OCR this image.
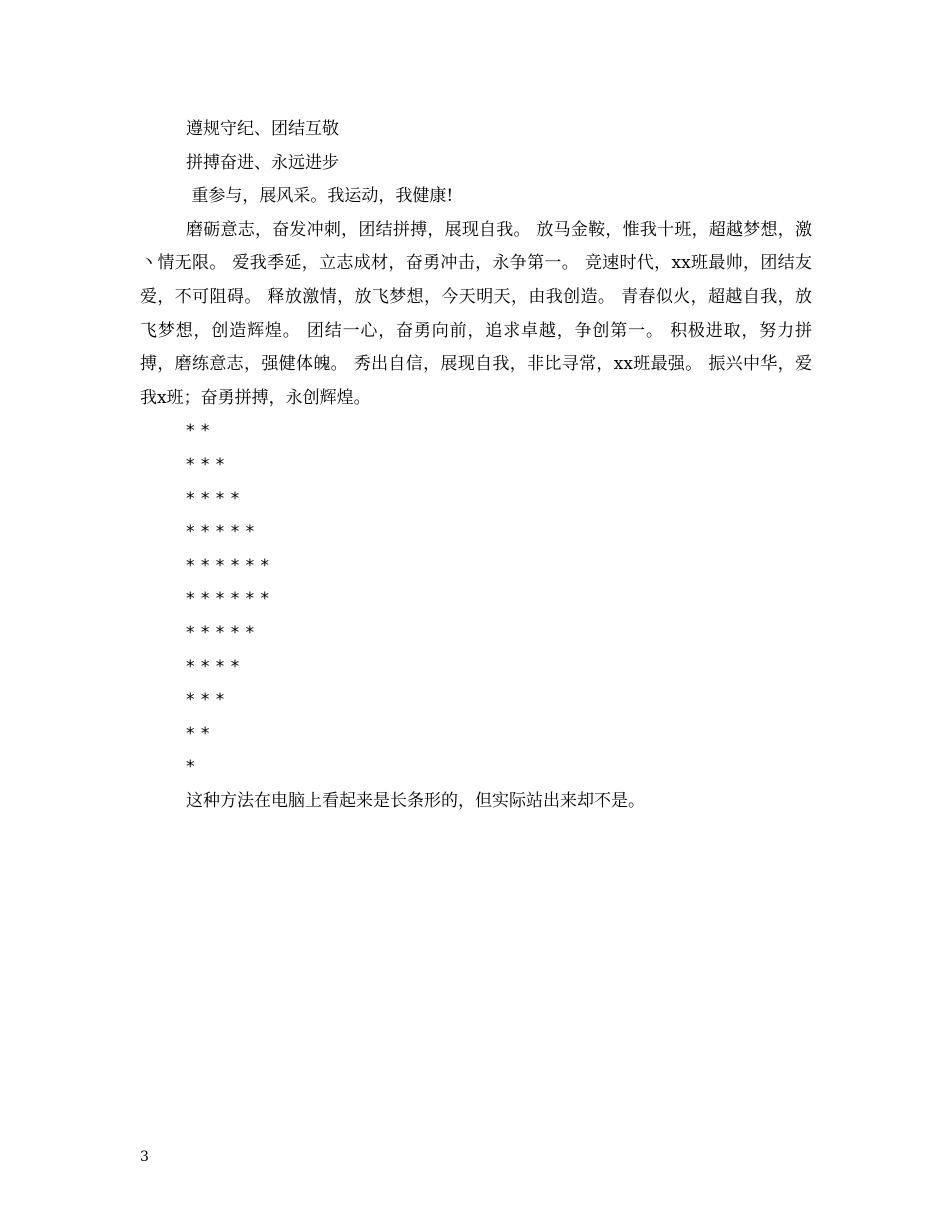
遵规守纪、团结互敬
拼搏奋进、永远进步
重参与，展风采。我运动，我健康!

磨砺意志，奋发冲刺，团结拼搏，展现自我。 放马金鞍，惟我十班，超越梦想，激丶情无限。 爱我季延，立志成材，奋勇冲击，永争第一。 竞速时代，xx班最帅，团结友爱，不可阻碍。 释放激情，放飞梦想，今天明天，由我创造。 青春似火，超越自我，放飞梦想，创造辉煌。 团结一心，奋勇向前，追求卓越，争创第一。 积极进取，努力拼搏，磨练意志，强健体魄。 秀出自信，展现自我，非比寻常，xx班最强。 振兴中华，爱我x班；奋勇拼搏，永创辉煌。

* *
* * *
* * * *
* * * * *
* * * * * *
* * * * * *
* * * * *
* * * *
* * *
* *
*
这种方法在电脑上看起来是长条形的，但实际站出来却不是。
3
